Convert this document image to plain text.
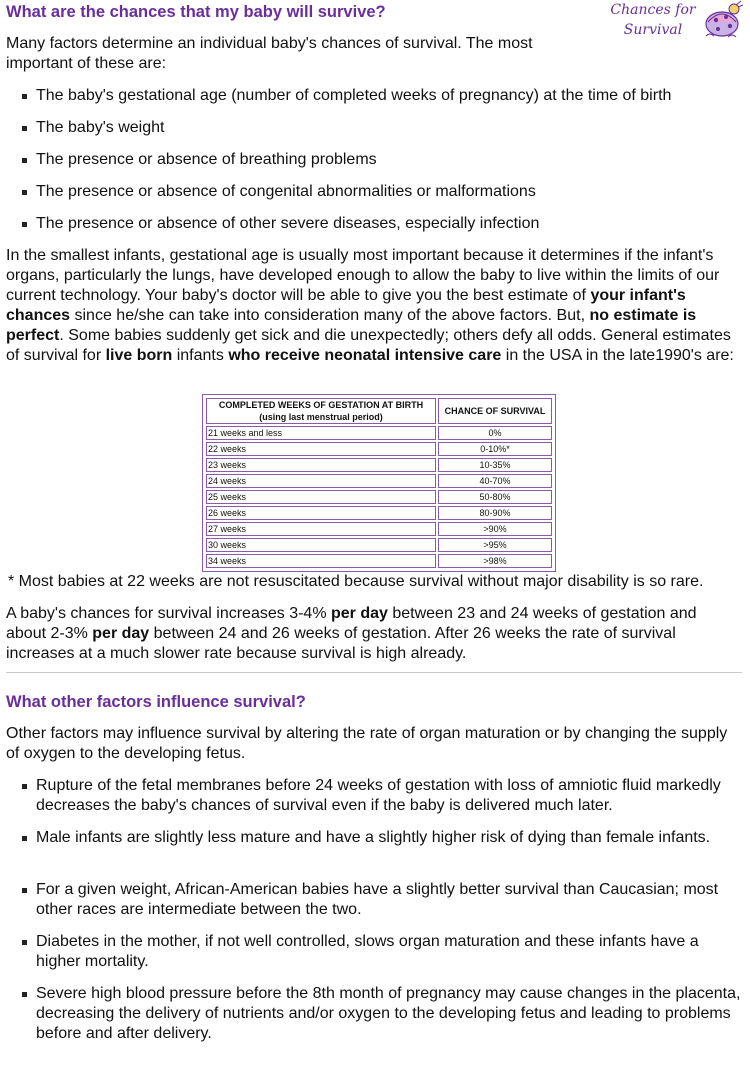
What are the chances that my baby will survive?	Chances for
Survival

Many factors determine an individual baby's chances of survival. The most important of these are:

The baby's gestational age (number of completed weeks of pregnancy) at the time of birth
The baby's weight
The presence or absence of breathing problems
The presence or absence of congenital abnormalities or malformations
The presence or absence of other severe diseases, especially infection

In the smallest infants, gestational age is usually most important because it determines if the infant's organs, particularly the lungs, have developed enough to allow the baby to live within the limits of our current technology. Your baby's doctor will be able to give you the best estimate of your infant's chances since he/she can take into consideration many of the above factors. But, no estimate is perfect. Some babies suddenly get sick and die unexpectedly; others defy all odds. General estimates of survival for live born infants who receive neonatal intensive care in the USA in the late1990's are:

COMPLETED WEEKS OF GESTATION AT BIRTH
(using last menstrual period)	CHANCE OF SURVIVAL
21 weeks and less	0%
22 weeks	0-10%*
23 weeks	10-35%
24 weeks	40-70%
25 weeks	50-80%
26 weeks	80-90%
27 weeks	>90%
30 weeks	>95%
34 weeks	>98%

* Most babies at 22 weeks are not resuscitated because survival without major disability is so rare.

A baby's chances for survival increases 3-4% per day between 23 and 24 weeks of gestation and about 2-3% per day between 24 and 26 weeks of gestation. After 26 weeks the rate of survival increases at a much slower rate because survival is high already.

What other factors influence survival?

Other factors may influence survival by altering the rate of organ maturation or by changing the supply of oxygen to the developing fetus.

Rupture of the fetal membranes before 24 weeks of gestation with loss of amniotic fluid markedly decreases the baby's chances of survival even if the baby is delivered much later.
Male infants are slightly less mature and have a slightly higher risk of dying than female infants.
For a given weight, African-American babies have a slightly better survival than Caucasian; most other races are intermediate between the two.
Diabetes in the mother, if not well controlled, slows organ maturation and these infants have a higher mortality.
Severe high blood pressure before the 8th month of pregnancy may cause changes in the placenta, decreasing the delivery of nutrients and/or oxygen to the developing fetus and leading to problems before and after delivery.
